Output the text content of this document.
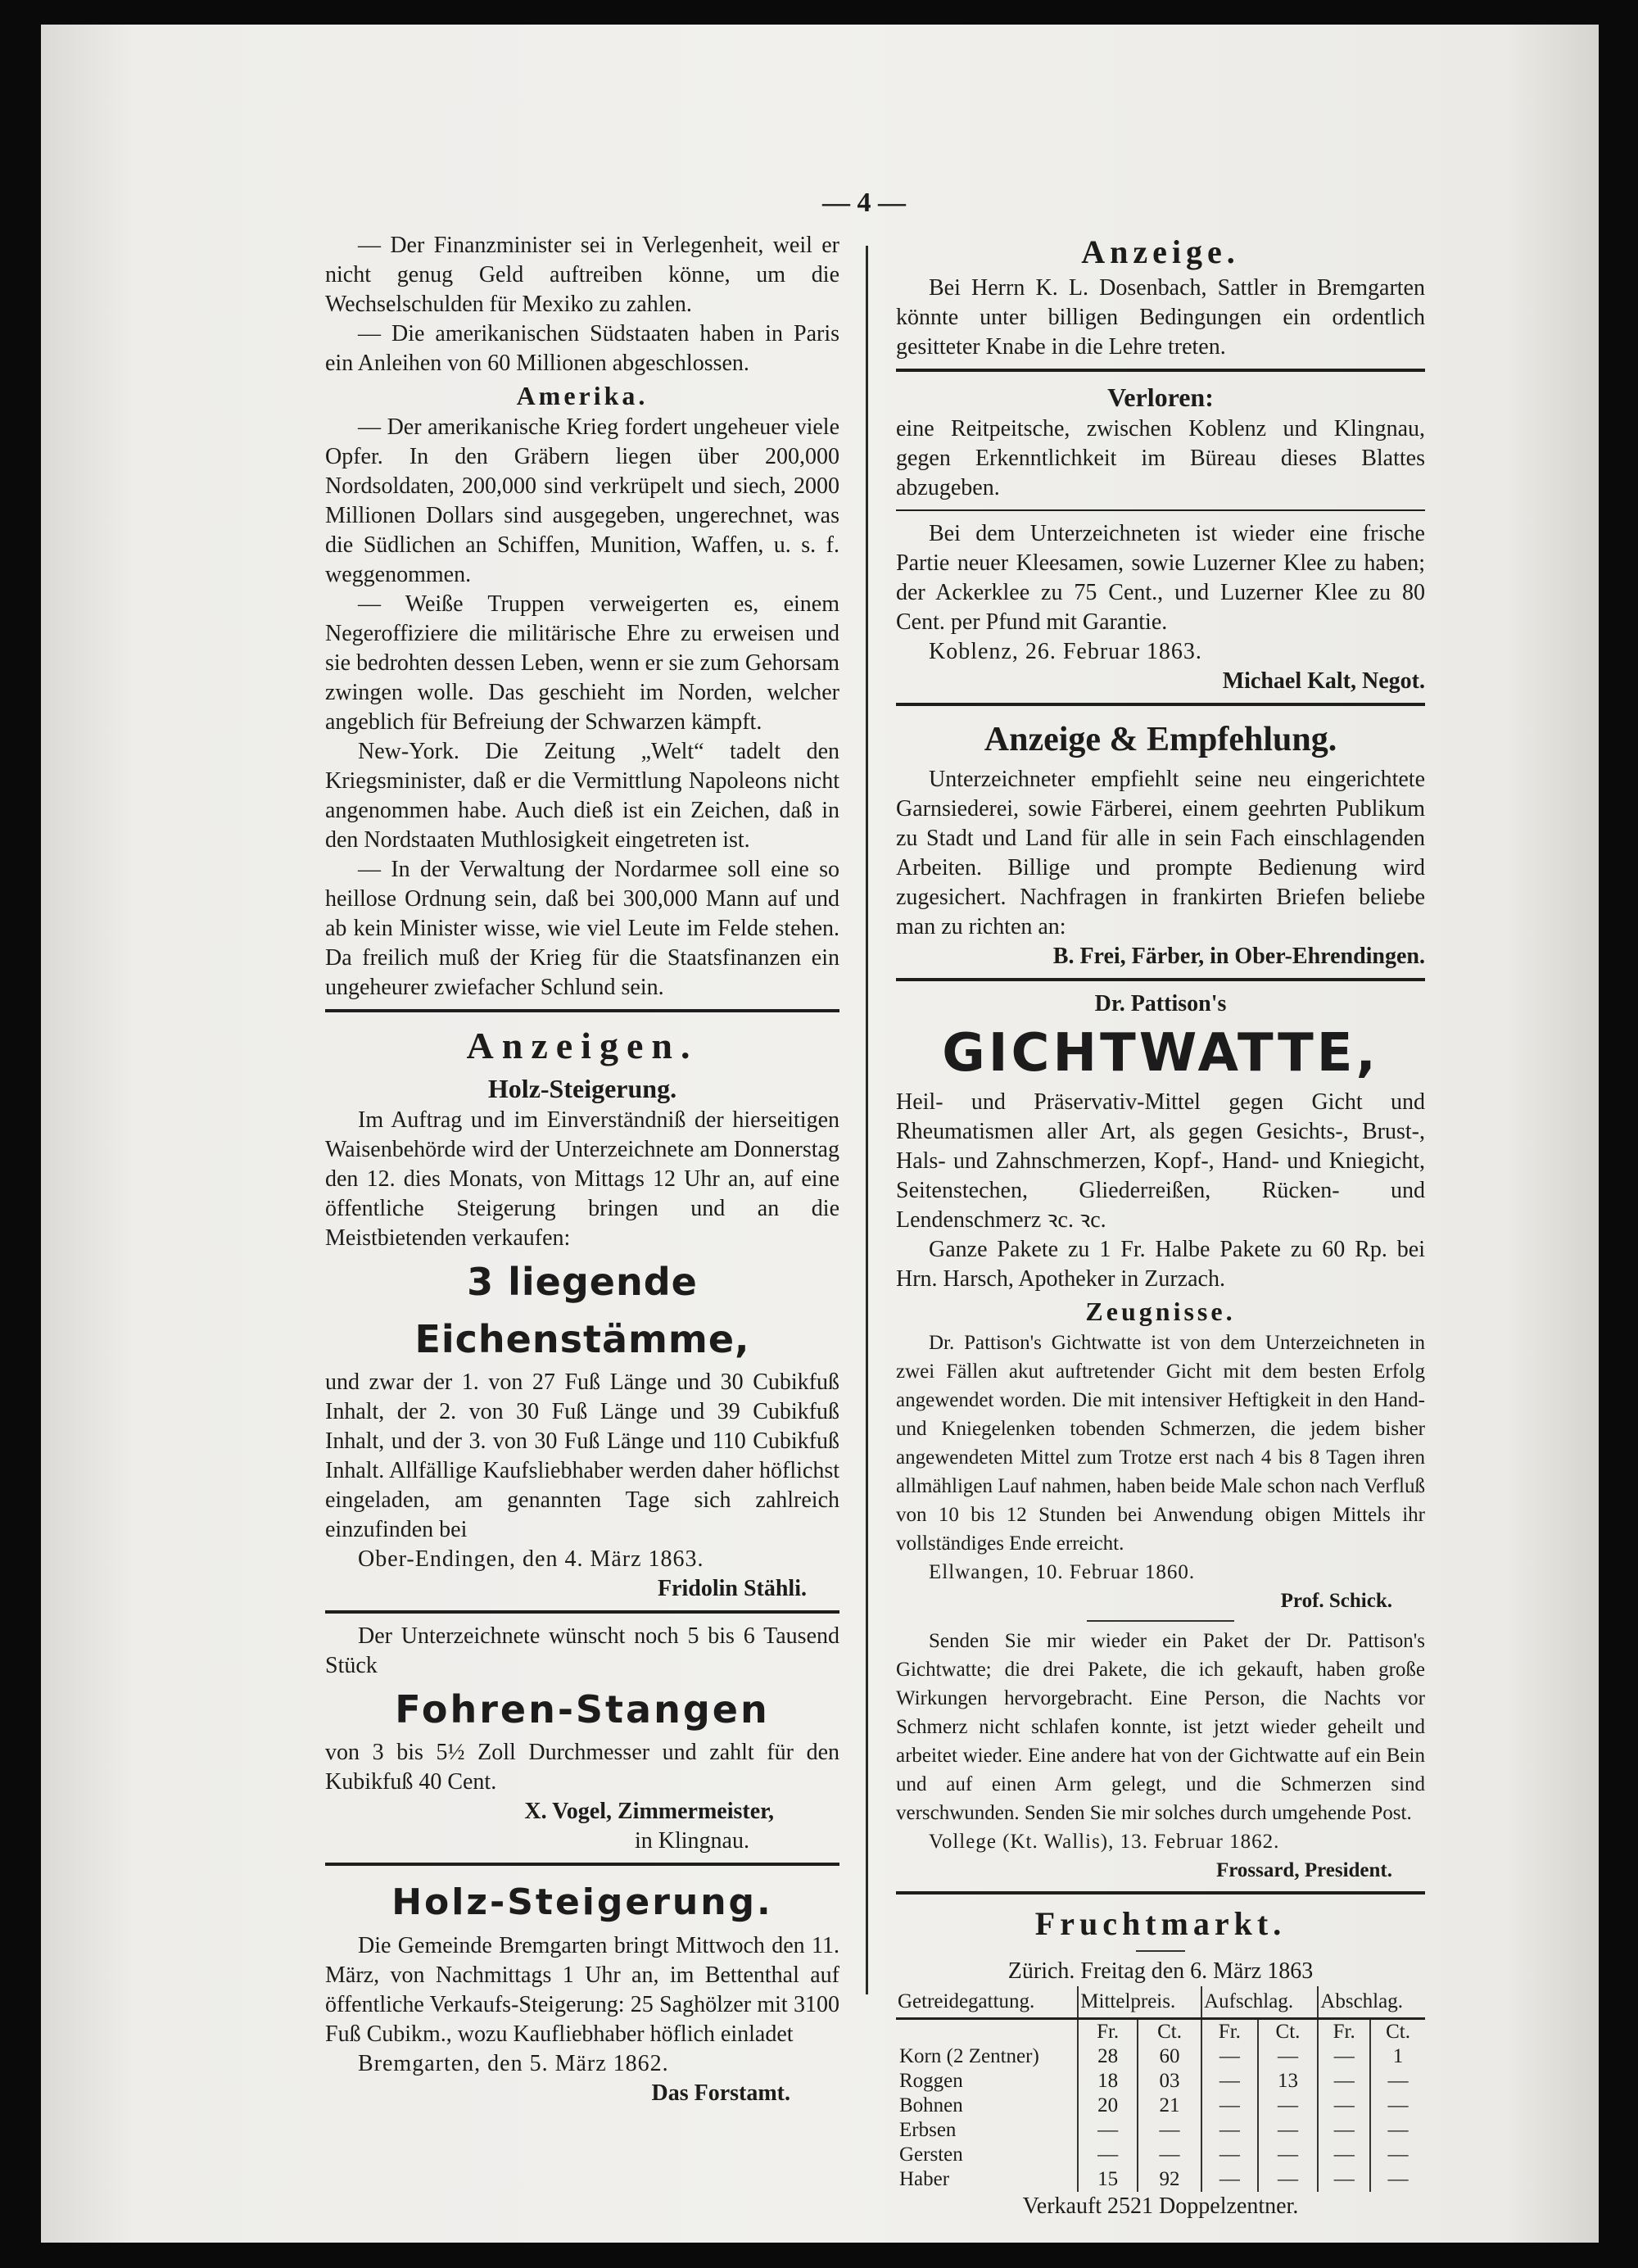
— 4 —

— Der Finanzminister sei in Verlegenheit, weil er nicht genug Geld auftreiben könne, um die Wechselschulden für Mexiko zu zahlen.

— Die amerikanischen Südstaaten haben in Paris ein Anleihen von 60 Millionen abgeschlossen.

Amerika.

— Der amerikanische Krieg fordert ungeheuer viele Opfer. In den Gräbern liegen über 200,000 Nordsoldaten, 200,000 sind verkrüpelt und siech, 2000 Millionen Dollars sind ausgegeben, ungerechnet, was die Südlichen an Schiffen, Munition, Waffen, u. s. f. weggenommen.

— Weiße Truppen verweigerten es, einem Negeroffiziere die militärische Ehre zu erweisen und sie bedrohten dessen Leben, wenn er sie zum Gehorsam zwingen wolle. Das geschieht im Norden, welcher angeblich für Befreiung der Schwarzen kämpft.

New-York. Die Zeitung „Welt“ tadelt den Kriegsminister, daß er die Vermittlung Napoleons nicht angenommen habe. Auch dieß ist ein Zeichen, daß in den Nordstaaten Muthlosigkeit eingetreten ist.

— In der Verwaltung der Nordarmee soll eine so heillose Ordnung sein, daß bei 300,000 Mann auf und ab kein Minister wisse, wie viel Leute im Felde stehen. Da freilich muß der Krieg für die Staatsfinanzen ein ungeheurer zwiefacher Schlund sein.

Anzeigen.

Holz-Steigerung.

Im Auftrag und im Einverständniß der hierseitigen Waisenbehörde wird der Unterzeichnete am Donnerstag den 12. dies Monats, von Mittags 12 Uhr an, auf eine öffentliche Steigerung bringen und an die Meistbietenden verkaufen:

3 liegende Eichenstämme,

und zwar der 1. von 27 Fuß Länge und 30 Cubikfuß Inhalt, der 2. von 30 Fuß Länge und 39 Cubikfuß Inhalt, und der 3. von 30 Fuß Länge und 110 Cubikfuß Inhalt. Allfällige Kaufsliebhaber werden daher höflichst eingeladen, am genannten Tage sich zahlreich einzufinden bei

Ober-Endingen, den 4. März 1863.

Fridolin Stähli.

Der Unterzeichnete wünscht noch 5 bis 6 Tausend Stück

Fohren-Stangen

von 3 bis 5½ Zoll Durchmesser und zahlt für den Kubikfuß 40 Cent.

X. Vogel, Zimmermeister,

in Klingnau.

Holz-Steigerung.

Die Gemeinde Bremgarten bringt Mittwoch den 11. März, von Nachmittags 1 Uhr an, im Bettenthal auf öffentliche Verkaufs-Steigerung: 25 Saghölzer mit 3100 Fuß Cubikm., wozu Kaufliebhaber höflich einladet

Bremgarten, den 5. März 1862.

Das Forstamt.

Anzeige.

Bei Herrn K. L. Dosenbach, Sattler in Bremgarten könnte unter billigen Bedingungen ein ordentlich gesitteter Knabe in die Lehre treten.

Verloren:

eine Reitpeitsche, zwischen Koblenz und Klingnau, gegen Erkenntlichkeit im Büreau dieses Blattes abzugeben.

Bei dem Unterzeichneten ist wieder eine frische Partie neuer Kleesamen, sowie Luzerner Klee zu haben; der Ackerklee zu 75 Cent., und Luzerner Klee zu 80 Cent. per Pfund mit Garantie.

Koblenz, 26. Februar 1863.

Michael Kalt, Negot.

Anzeige & Empfehlung.

Unterzeichneter empfiehlt seine neu eingerichtete Garnsiederei, sowie Färberei, einem geehrten Publikum zu Stadt und Land für alle in sein Fach einschlagenden Arbeiten. Billige und prompte Bedienung wird zugesichert. Nachfragen in frankirten Briefen beliebe man zu richten an:

B. Frei, Färber, in Ober-Ehrendingen.

Dr. Pattison's

GICHTWATTE,

Heil- und Präservativ-Mittel gegen Gicht und Rheumatismen aller Art, als gegen Gesichts-, Brust-, Hals- und Zahnschmerzen, Kopf-, Hand- und Kniegicht, Seitenstechen, Gliederreißen, Rücken- und Lendenschmerz ꝛc. ꝛc.

Ganze Pakete zu 1 Fr. Halbe Pakete zu 60 Rp. bei Hrn. Harsch, Apotheker in Zurzach.

Zeugnisse.

Dr. Pattison's Gichtwatte ist von dem Unterzeichneten in zwei Fällen akut auftretender Gicht mit dem besten Erfolg angewendet worden. Die mit intensiver Heftigkeit in den Hand- und Kniegelenken tobenden Schmerzen, die jedem bisher angewendeten Mittel zum Trotze erst nach 4 bis 8 Tagen ihren allmähligen Lauf nahmen, haben beide Male schon nach Verfluß von 10 bis 12 Stunden bei Anwendung obigen Mittels ihr vollständiges Ende erreicht.

Ellwangen, 10. Februar 1860.

Prof. Schick.

Senden Sie mir wieder ein Paket der Dr. Pattison's Gichtwatte; die drei Pakete, die ich gekauft, haben große Wirkungen hervorgebracht. Eine Person, die Nachts vor Schmerz nicht schlafen konnte, ist jetzt wieder geheilt und arbeitet wieder. Eine andere hat von der Gichtwatte auf ein Bein und auf einen Arm gelegt, und die Schmerzen sind verschwunden. Senden Sie mir solches durch umgehende Post.

Vollege (Kt. Wallis), 13. Februar 1862.

Frossard, President.

Fruchtmarkt.

Zürich. Freitag den 6. März 1863

Getreidegattung.	Mittelpreis.		Aufschlag.		Abschlag.	
	Fr.	Ct.	Fr.	Ct.	Fr.	Ct.
Korn (2 Zentner)	28	60	—	—	—	1
Roggen	18	03	—	13	—	—
Bohnen	20	21	—	—	—	—
Erbsen	—	—	—	—	—	—
Gersten	—	—	—	—	—	—
Haber	15	92	—	—	—	—

Verkauft 2521 Doppelzentner.
